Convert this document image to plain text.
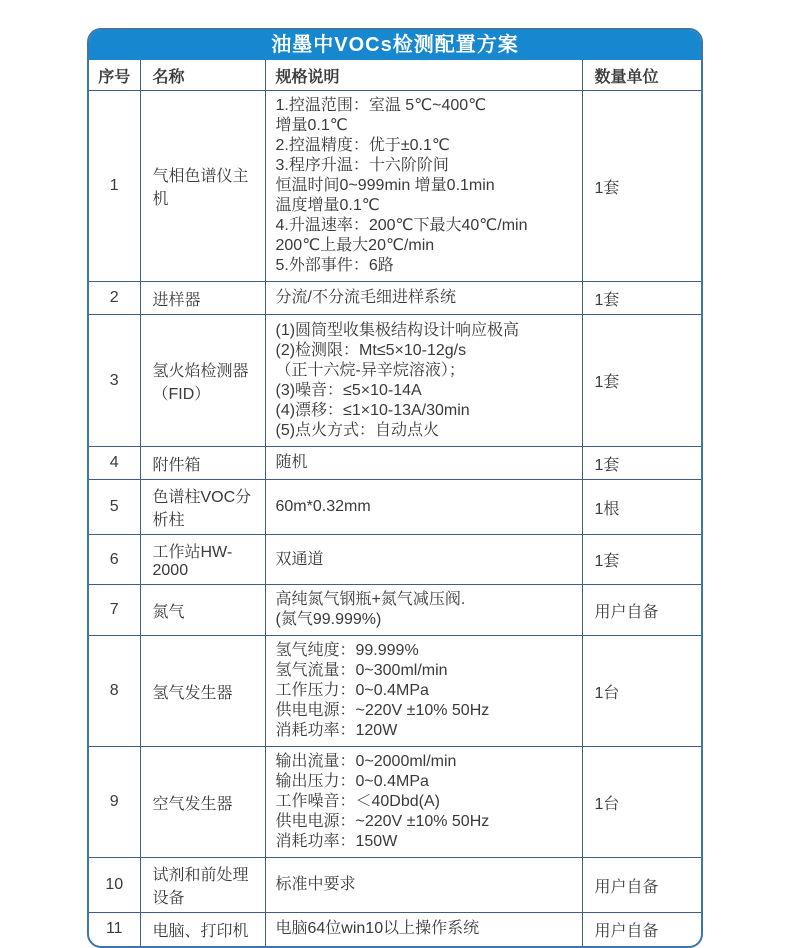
油墨中VOCs检测配置方案
序号	名称	规格说明	数量单位
1	气相色谱仪主机	
1.控温范围：室温 5℃~400℃
增量0.1℃
2.控温精度：优于±0.1℃
3.程序升温：十六阶阶间
恒温时间0~999min 增量0.1min
温度增量0.1℃
4.升温速率：200℃下最大40℃/min
200℃上最大20℃/min
5.外部事件：6路
	1套
2	进样器	分流/不分流毛细进样系统	1套
3	氢火焰检测器（FID）	
(1)圆筒型收集极结构设计响应极高
(2)检测限：Mt≤5×10-12g/s
（正十六烷-异辛烷溶液）；
(3)噪音：≤5×10-14A
(4)漂移：≤1×10-13A/30min
(5)点火方式：自动点火
	1套
4	附件箱	随机	1套
5	色谱柱VOC分析柱	60m*0.32mm	1根
6	工作站HW-2000	双通道	1套
7	氮气	高纯氮气钢瓶+氮气减压阀.
(氮气99.999%)	用户自备
8	氢气发生器	氢气纯度：99.999%
氢气流量：0~300ml/min
工作压力：0~0.4MPa
供电电源：~220V ±10% 50Hz
消耗功率：120W	1台
9	空气发生器	输出流量：0~2000ml/min
输出压力：0~0.4MPa
工作噪音：＜40Dbd(A)
供电电源：~220V ±10% 50Hz
消耗功率：150W	1台
10	试剂和前处理设备	标准中要求	用户自备
11	电脑、打印机	电脑64位win10以上操作系统	用户自备
